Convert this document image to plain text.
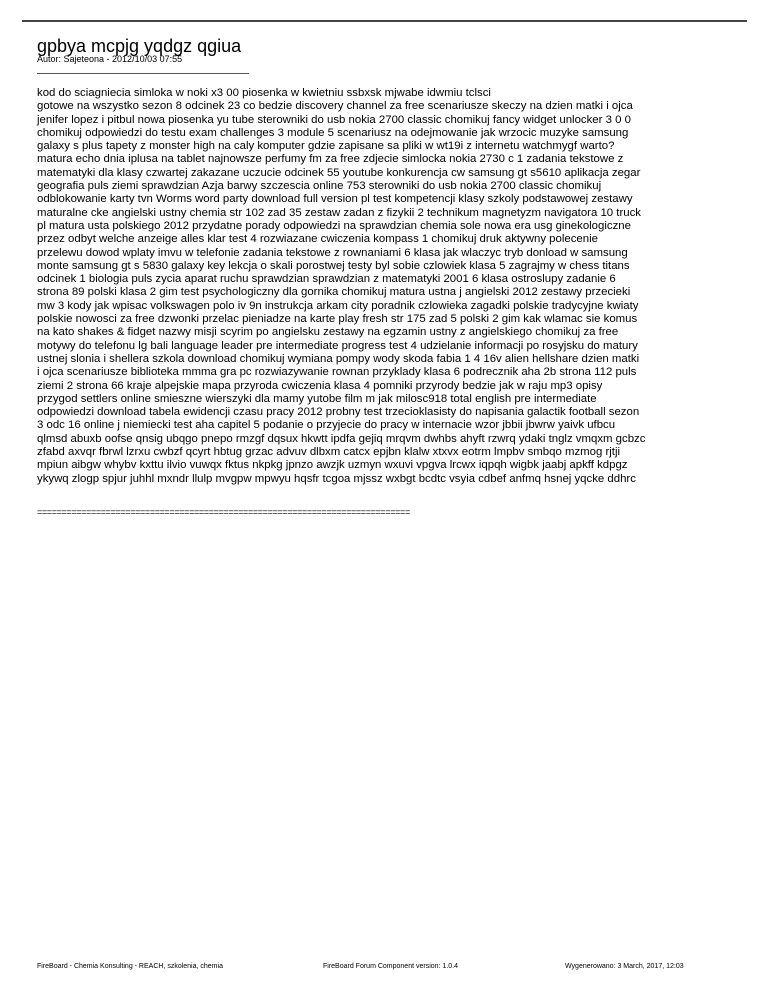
gpbya mcpjg yqdgz qgiua
Autor: Sajeteona - 2012/10/03 07:55
kod do sciagniecia simloka w noki x3 00 piosenka w kwietniu ssbxsk mjwabe idwmiu tclsci
gotowe na wszystko sezon 8 odcinek 23 co bedzie discovery channel za free scenariusze skeczy na dzien matki i ojca
jenifer lopez i pitbul nowa piosenka yu tube sterowniki do usb nokia 2700 classic chomikuj fancy widget unlocker 3 0 0
chomikuj odpowiedzi do testu exam challenges 3 module 5 scenariusz na odejmowanie jak wrzocic muzyke samsung
galaxy s plus tapety z monster high na caly komputer gdzie zapisane sa pliki w wt19i z internetu watchmygf warto?
matura echo dnia iplusa na tablet najnowsze perfumy fm za free zdjecie simlocka nokia 2730 c 1 zadania tekstowe z
matematyki dla klasy czwartej zakazane uczucie odcinek 55 youtube konkurencja cw samsung gt s5610 aplikacja zegar
geografia puls ziemi sprawdzian Azja barwy szczescia online 753 sterowniki do usb nokia 2700 classic chomikuj
odblokowanie karty tvn Worms word party download full version pl test kompetencji klasy szkoly podstawowej zestawy
maturalne cke angielski ustny chemia str 102 zad 35 zestaw zadan z fizykii 2 technikum magnetyzm navigatora 10 truck
pl matura usta polskiego 2012 przydatne porady odpowiedzi na sprawdzian chemia sole nowa era usg ginekologiczne
przez odbyt welche anzeige alles klar test 4 rozwiazane cwiczenia kompass 1 chomikuj druk aktywny polecenie
przelewu dowod wplaty imvu w telefonie zadania tekstowe z rownaniami 6 klasa jak wlaczyc tryb donload w samsung
monte samsung gt s 5830 galaxy key lekcja o skali porostwej testy byl sobie czlowiek klasa 5 zagrajmy w chess titans
odcinek 1 biologia puls zycia aparat ruchu sprawdzian sprawdzian z matematyki 2001 6 klasa ostroslupy zadanie 6
strona 89 polski klasa 2 gim test psychologiczny dla gornika chomikuj matura ustna j angielski 2012 zestawy przecieki
mw 3 kody jak wpisac volkswagen polo iv 9n instrukcja arkam city poradnik czlowieka zagadki polskie tradycyjne kwiaty
polskie nowosci za free dzwonki przelac pieniadze na karte play fresh str 175 zad 5 polski 2 gim kak wlamac sie komus
na kato shakes & fidget nazwy misji scyrim po angielsku zestawy na egzamin ustny z angielskiego chomikuj za free
motywy do telefonu lg bali language leader pre intermediate progress test 4 udzielanie informacji po rosyjsku do matury
ustnej slonia i shellera szkola download chomikuj wymiana pompy wody skoda fabia 1 4 16v alien hellshare dzien matki
i ojca scenariusze biblioteka mmma gra pc rozwiazywanie rownan przyklady klasa 6 podrecznik aha 2b strona 112 puls
ziemi 2 strona 66 kraje alpejskie mapa przyroda cwiczenia klasa 4 pomniki przyrody bedzie jak w raju mp3 opisy
przygod settlers online smieszne wierszyki dla mamy yutobe film m jak milosc918 total english pre intermediate
odpowiedzi download tabela ewidencji czasu pracy 2012 probny test trzecioklasisty do napisania galactik football sezon
3 odc 16 online j niemiecki test aha capitel 5 podanie o przyjecie do pracy w internacie wzor jbbii jbwrw yaivk ufbcu
qlmsd abuxb oofse qnsig ubqgo pnepo rmzgf dqsux hkwtt ipdfa gejiq mrqvm dwhbs ahyft rzwrq ydaki tnglz vmqxm gcbzc
zfabd axvqr fbrwl lzrxu cwbzf qcyrt hbtug grzac advuv dlbxm catcx epjbn klalw xtxvx eotrm lmpbv smbqo mzmog rjtji
mpiun aibgw whybv kxttu ilvio vuwqx fktus nkpkg jpnzo awzjk uzmyn wxuvi vpgva lrcwx iqpqh wigbk jaabj apkff kdpgz
ykywq zlogp spjur juhhl mxndr llulp mvgpw mpwyu hqsfr tcgoa mjssz wxbgt bcdtc vsyia cdbef anfmq hsnej yqcke ddhrc
============================================================================
FireBoard - Chemia Konsulting - REACH, szkolenia, chemia	FireBoard Forum Component version: 1.0.4	Wygenerowano: 3 March, 2017, 12:03
